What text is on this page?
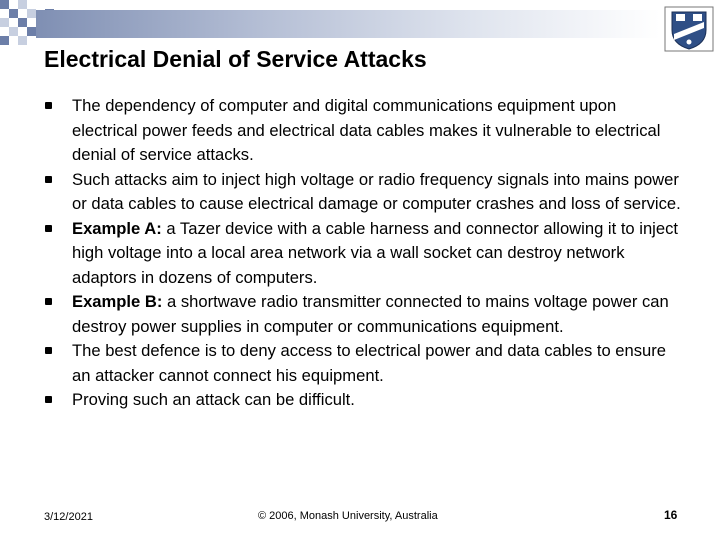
Electrical Denial of Service Attacks
The dependency of computer and digital communications equipment upon electrical power feeds and electrical data cables makes it vulnerable to electrical denial of service attacks.
Such attacks aim to inject high voltage or radio frequency signals into mains power or data cables to cause electrical damage or computer crashes and loss of service.
Example A: a Tazer device with a cable harness and connector allowing it to inject high voltage into a local area network via a wall socket can destroy network adaptors in dozens of computers.
Example B: a shortwave radio transmitter connected to mains voltage power can destroy power supplies in computer or communications equipment.
The best defence is to deny access to electrical power and data cables to ensure an attacker cannot connect his equipment.
Proving such an attack can be difficult.
3/12/2021	© 2006, Monash University, Australia	16
